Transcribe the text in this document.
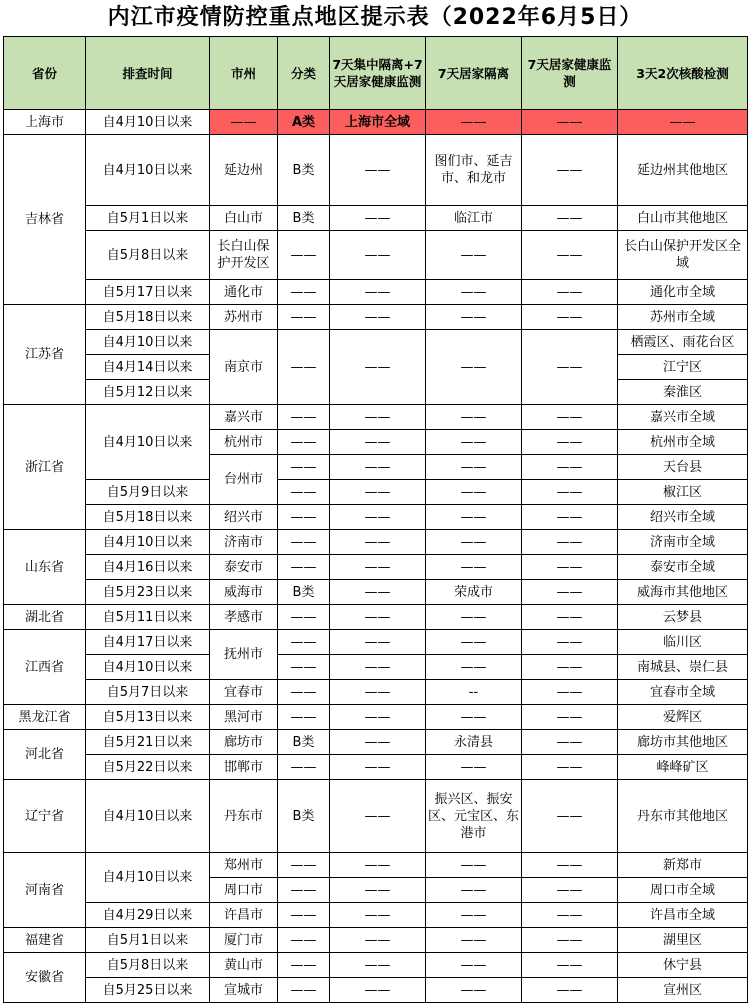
内江市疫情防控重点地区提示表（2022年6月5日）
省份	排查时间	市州	分类	7天集中隔离+7天居家健康监测	7天居家隔离	7天居家健康监测	3天2次核酸检测
上海市	自4月10日以来	——	A类	上海市全域	——	——	——
吉林省	自4月10日以来	延边州	B类	——	图们市、延吉市、和龙市	——	延边州其他地区
	自5月1日以来	白山市	B类	——	临江市	——	白山市其他地区
	自5月8日以来	长白山保护开发区	——	——	——	——	长白山保护开发区全域
	自5月17日以来	通化市	——	——	——	——	通化市全域
江苏省	自5月18日以来	苏州市	——	——	——	——	苏州市全域
	自4月10日以来	南京市	——	——	——	——	栖霞区、雨花台区
	自4月14日以来						江宁区
	自5月12日以来						秦淮区
浙江省	自4月10日以来	嘉兴市	——	——	——	——	嘉兴市全域
		杭州市	——	——	——	——	杭州市全域
		台州市	——	——	——	——	天台县
	自5月9日以来		——	——	——	——	椒江区
	自5月18日以来	绍兴市	——	——	——	——	绍兴市全域
山东省	自4月10日以来	济南市	——	——	——	——	济南市全域
	自4月16日以来	泰安市	——	——	——	——	泰安市全域
	自5月23日以来	威海市	B类	——	荣成市	——	威海市其他地区
湖北省	自5月11日以来	孝感市	——	——	——	——	云梦县
江西省	自4月17日以来	抚州市	——	——	——	——	临川区
	自4月10日以来		——	——	——	——	南城县、崇仁县
	自5月7日以来	宜春市	——	——	--	——	宜春市全域
黑龙江省	自5月13日以来	黑河市	——	——	——	——	爱辉区
河北省	自5月21日以来	廊坊市	B类	——	永清县	——	廊坊市其他地区
	自5月22日以来	邯郸市	——	——	——	——	峰峰矿区
辽宁省	自4月10日以来	丹东市	B类	——	振兴区、振安区、元宝区、东港市	——	丹东市其他地区
河南省	自4月10日以来	郑州市	——	——	——	——	新郑市
		周口市	——	——	——	——	周口市全域
	自4月29日以来	许昌市	——	——	——	——	许昌市全域
福建省	自5月1日以来	厦门市	——	——	——	——	湖里区
安徽省	自5月8日以来	黄山市	——	——	——	——	休宁县
	自5月25日以来	宣城市	——	——	——	——	宣州区
